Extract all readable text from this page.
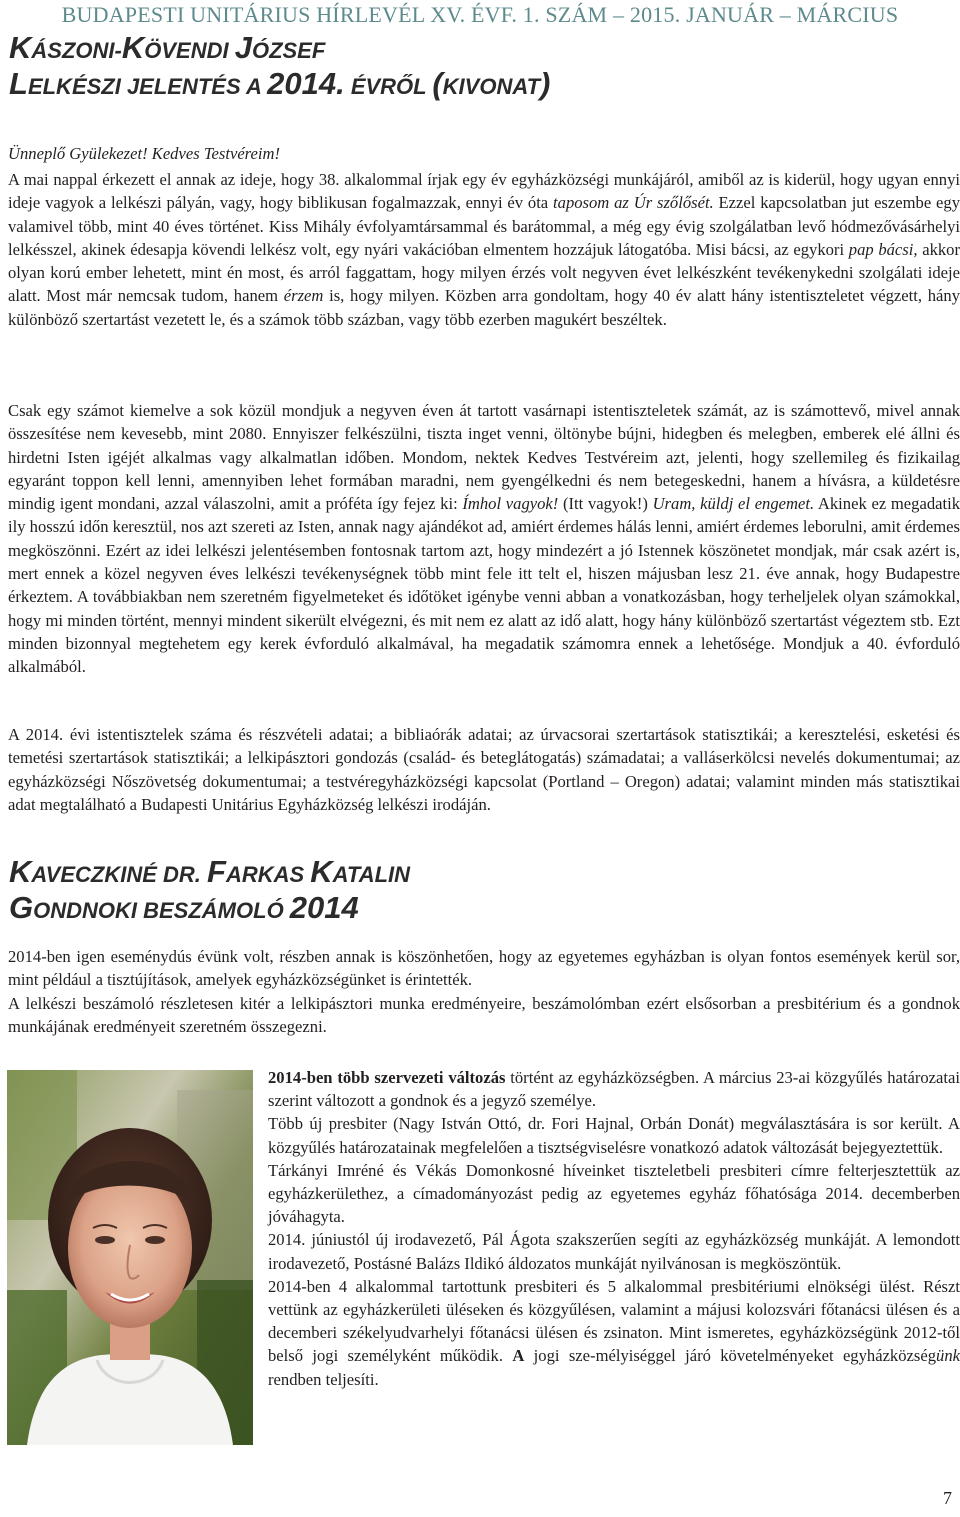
BUDAPESTI UNITÁRIUS HÍRLEVÉL XV. ÉVF. 1. SZÁM – 2015. JANUÁR – MÁRCIUS
KÁSZONI-KÖVENDI JÓZSEF
LELKÉSZI JELENTÉS A 2014. ÉVRŐL (KIVONAT)
Ünneplő Gyülekezet! Kedves Testvéreim!

A mai nappal érkezett el annak az ideje, hogy 38. alkalommal írjak egy év egyházközségi munkájáról, amiből az is kiderül, hogy ugyan ennyi ideje vagyok a lelkészi pályán, vagy, hogy biblikusan fogalmazzak, ennyi év óta taposom az Úr szőlősét. Ezzel kapcsolatban jut eszembe egy valamivel több, mint 40 éves történet. Kiss Mihály évfolyamtársammal és barátommal, a még egy évig szolgálatban levő hódmezővásárhelyi lelkésszel, akinek édesapja kövendi lelkész volt, egy nyári vakációban elmentem hozzájuk látogatóba. Misi bácsi, az egykori pap bácsi, akkor olyan korú ember lehetett, mint én most, és arról faggattam, hogy milyen érzés volt negyven évet lelkészként tevékenykedni szolgálati ideje alatt. Most már nemcsak tudom, hanem érzem is, hogy milyen. Közben arra gondoltam, hogy 40 év alatt hány istentiszteletet végzett, hány különböző szertartást vezetett le, és a számok több százban, vagy több ezerben magukért beszéltek.

Csak egy számot kiemelve a sok közül mondjuk a negyven éven át tartott vasárnapi istentiszteletek számát, az is számottevő, mivel annak összesítése nem kevesebb, mint 2080. Ennyiszer felkészülni, tiszta inget venni, öltönybe bújni, hidegben és melegben, emberek elé állni és hirdetni Isten igéjét alkalmas vagy alkalmatlan időben. Mondom, nektek Kedves Testvéreim azt, jelenti, hogy szellemileg és fizikailag egyaránt toppon kell lenni, amennyiben lehet formában maradni, nem gyengélkedni és nem betegeskedni, hanem a hívásra, a küldetésre mindig igent mondani, azzal válaszolni, amit a próféta így fejez ki: Ímhol vagyok! (Itt vagyok!) Uram, küldj el engemet. Akinek ez megadatik ily hosszú időn keresztül, nos azt szereti az Isten, annak nagy ajándékot ad, amiért érdemes hálás lenni, amiért érdemes leborulni, amit érdemes megköszönni. Ezért az idei lelkészi jelentésemben fontosnak tartom azt, hogy mindezért a jó Istennek köszönetet mondjak, már csak azért is, mert ennek a közel negyven éves lelkészi tevékenységnek több mint fele itt telt el, hiszen májusban lesz 21. éve annak, hogy Budapestre érkeztem. A továbbiakban nem szeretném figyelmeteket és időtöket igénybe venni abban a vonatkozásban, hogy terheljelek olyan számokkal, hogy mi minden történt, mennyi mindent sikerült elvégezni, és mit nem ez alatt az idő alatt, hogy hány különböző szertartást végeztem stb. Ezt minden bizonnyal megtehetem egy kerek évforduló alkalmával, ha megadatik számomra ennek a lehetősége. Mondjuk a 40. évforduló alkalmából.

A 2014. évi istentisztelek száma és részvételi adatai; a bibliaórák adatai; az úrvacsorai szertartások statisztikái; a keresztelési, esketési és temetési szertartások statisztikái; a lelkipásztori gondozás (család- és beteglátogatás) számadatai; a valláserkölcsi nevelés dokumentumai; az egyházközségi Nőszövetség dokumentumai; a testvéregyházközségi kapcsolat (Portland – Oregon) adatai; valamint minden más statisztikai adat megtalálható a Budapesti Unitárius Egyházközség lelkészi irodáján.

KAVECZKINÉ DR. FARKAS KATALIN
GONDNOKI BESZÁMOLÓ 2014

2014-ben igen eseménydús évünk volt, részben annak is köszönhetően, hogy az egyetemes egyházban is olyan fontos események kerül sor, mint például a tisztújítások, amelyek egyházközségünket is érintették.

A lelkészi beszámoló részletesen kitér a lelkipásztori munka eredményeire, beszámolómban ezért elsősorban a presbitérium és a gondnok munkájának eredményeit szeretném összegezni.

2014-ben több szervezeti változás történt az egyházközségben. A március 23-ai közgyűlés határozatai szerint változott a gondnok és a jegyző személye.

Több új presbiter (Nagy István Ottó, dr. Fori Hajnal, Orbán Donát) megválasztására is sor került. A közgyűlés határozatainak megfelelően a tisztségviselésre vonatkozó adatok változását bejegyeztettük.

Tárkányi Imréné és Vékás Domonkosné híveinket tiszteletbeli presbiteri címre felterjesztettük az egyházkerülethez, a címadományozást pedig az egyetemes egyház főhatósága 2014. decemberben jóváhagyta.

2014. júniustól új irodavezető, Pál Ágota szakszerűen segíti az egyházközség munkáját. A lemondott irodavezető, Postásné Balázs Ildikó áldozatos munkáját nyilvánosan is megköszöntük.

2014-ben 4 alkalommal tartottunk presbiteri és 5 alkalommal presbitériumi elnökségi ülést. Részt vettünk az egyházkerületi üléseken és közgyűlésen, valamint a májusi kolozsvári főtanácsi ülésen és a decemberi székelyudvarhelyi főtanácsi ülésen és zsinaton. Mint ismeretes, egyházközségünk 2012-től belső jogi személyként működik. A jogi sze-mélyiséggel járó követelményeket egyházközségünk rendben teljesíti.

7
